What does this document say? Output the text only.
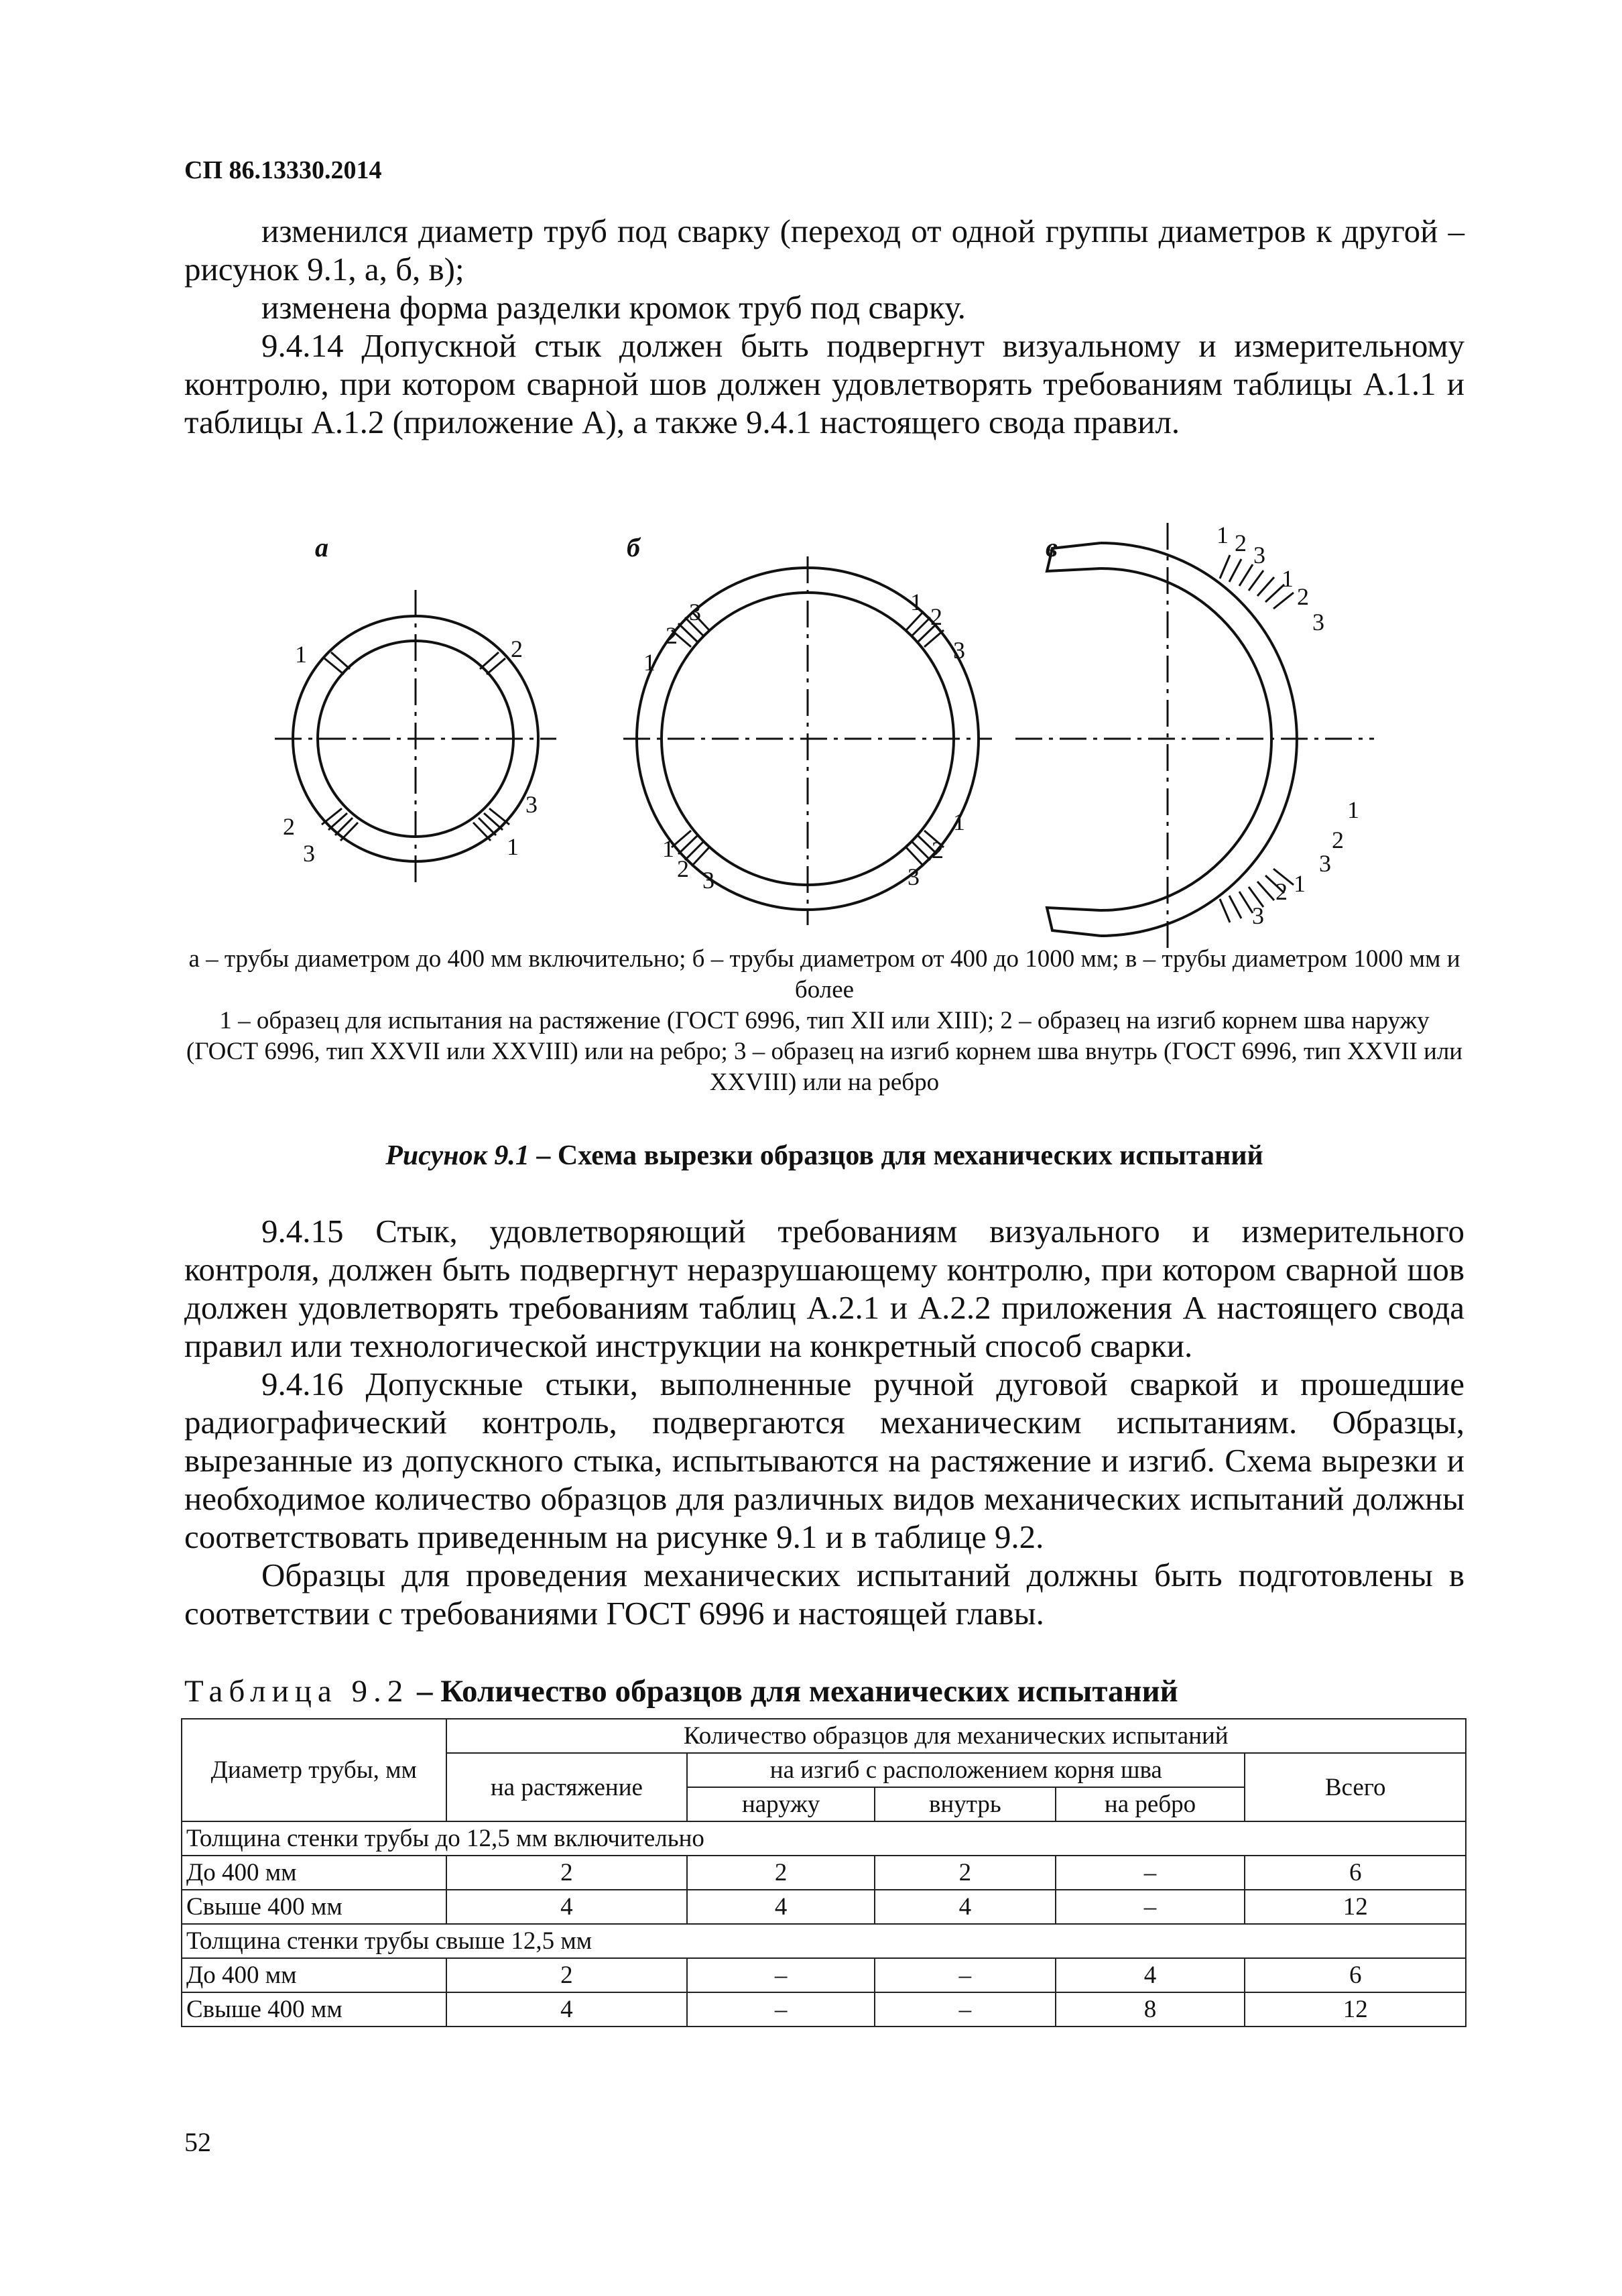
СП 86.13330.2014

изменился диаметр труб под сварку (переход от одной группы диаметров к другой – рисунок 9.1, а, б, в);

изменена форма разделки кромок труб под сварку.

9.4.14 Допускной стык должен быть подвергнут визуальному и измерительному контролю, при котором сварной шов должен удовлетворять требованиям таблицы А.1.1 и таблицы А.1.2 (приложение А), а также 9.4.1 настоящего свода правил.

а	б	в
1	2
2
3
3
1
3
2
1
1
2
3
1
2 3
1
2
3
1 2 3
1
2
3
1
2
3
1
2
3

а – трубы диаметром до 400 мм включительно; б – трубы диаметром от 400 до 1000 мм; в – трубы диаметром 1000 мм и более

1 – образец для испытания на растяжение (ГОСТ 6996, тип XII или XIII); 2 – образец на изгиб корнем шва наружу (ГОСТ 6996, тип XXVII или XXVIII) или на ребро; 3 – образец на изгиб корнем шва внутрь (ГОСТ 6996, тип XXVII или XXVIII) или на ребро

Рисунок 9.1 – Схема вырезки образцов для механических испытаний

9.4.15 Стык, удовлетворяющий требованиям визуального и измерительного контроля, должен быть подвергнут неразрушающему контролю, при котором сварной шов должен удовлетворять требованиям таблиц А.2.1 и А.2.2 приложения А настоящего свода правил или технологической инструкции на конкретный способ сварки.

9.4.16 Допускные стыки, выполненные ручной дуговой сваркой и прошедшие радиографический контроль, подвергаются механическим испытаниям. Образцы, вырезанные из допускного стыка, испытываются на растяжение и изгиб. Схема вырезки и необходимое количество образцов для различных видов механических испытаний должны соответствовать приведенным на рисунке 9.1 и в таблице 9.2.

Образцы для проведения механических испытаний должны быть подготовлены в соответствии с требованиями ГОСТ 6996 и настоящей главы.

Таблица 9.2 – Количество образцов для механических испытаний
Диаметр трубы, мм	Количество образцов для механических испытаний				
	на растяжение	на изгиб с расположением корня шва			Всего
		наружу	внутрь	на ребро	
Толщина стенки трубы до 12,5 мм включительно					
До 400 мм	2	2	2	–	6
Свыше 400 мм	4	4	4	–	12
Толщина стенки трубы свыше 12,5 мм					
До 400 мм	2	–	–	4	6
Свыше 400 мм	4	–	–	8	12
52
